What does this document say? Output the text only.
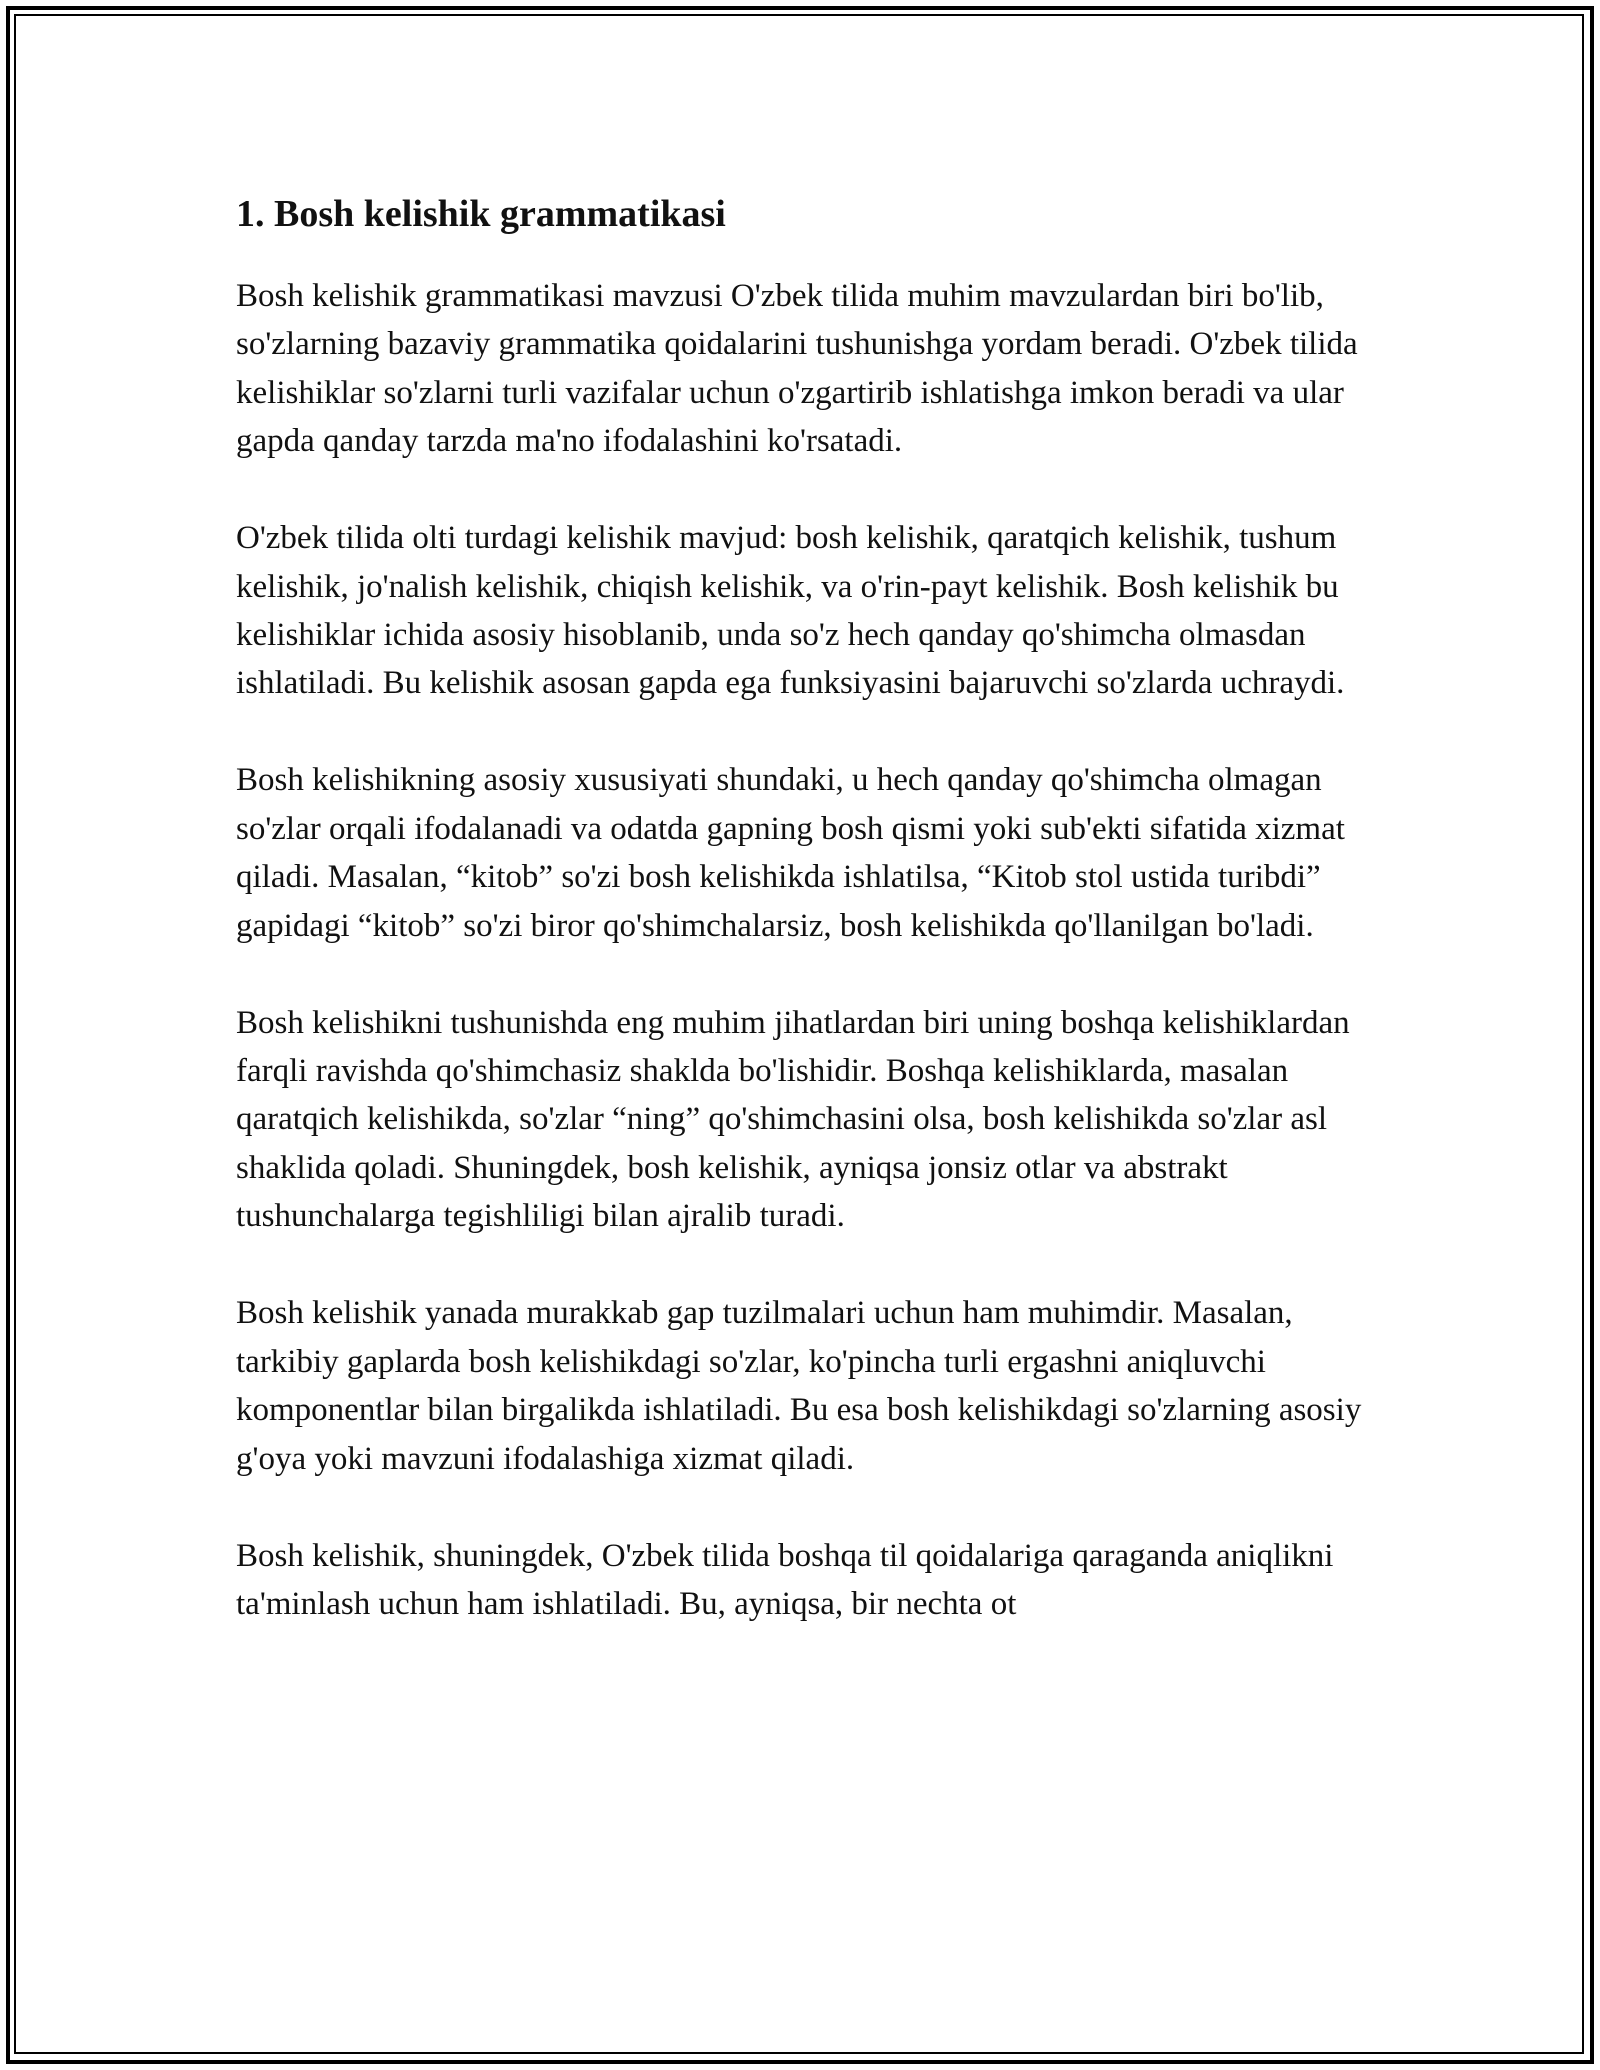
1. Bosh kelishik grammatikasi

Bosh kelishik grammatikasi mavzusi O'zbek tilida muhim mavzulardan biri bo'lib, so'zlarning bazaviy grammatika qoidalarini tushunishga yordam beradi. O'zbek tilida kelishiklar so'zlarni turli vazifalar uchun o'zgartirib ishlatishga imkon beradi va ular gapda qanday tarzda ma'no ifodalashini ko'rsatadi.

O'zbek tilida olti turdagi kelishik mavjud: bosh kelishik, qaratqich kelishik, tushum kelishik, jo'nalish kelishik, chiqish kelishik, va o'rin-payt kelishik. Bosh kelishik bu kelishiklar ichida asosiy hisoblanib, unda so'z hech qanday qo'shimcha olmasdan ishlatiladi. Bu kelishik asosan gapda ega funksiyasini bajaruvchi so'zlarda uchraydi.

Bosh kelishikning asosiy xususiyati shundaki, u hech qanday qo'shimcha olmagan so'zlar orqali ifodalanadi va odatda gapning bosh qismi yoki sub'ekti sifatida xizmat qiladi. Masalan, “kitob” so'zi bosh kelishikda ishlatilsa, “Kitob stol ustida turibdi” gapidagi “kitob” so'zi biror qo'shimchalarsiz, bosh kelishikda qo'llanilgan bo'ladi.

Bosh kelishikni tushunishda eng muhim jihatlardan biri uning boshqa kelishiklardan farqli ravishda qo'shimchasiz shaklda bo'lishidir. Boshqa kelishiklarda, masalan qaratqich kelishikda, so'zlar “ning” qo'shimchasini olsa, bosh kelishikda so'zlar asl shaklida qoladi. Shuningdek, bosh kelishik, ayniqsa jonsiz otlar va abstrakt tushunchalarga tegishliligi bilan ajralib turadi.

Bosh kelishik yanada murakkab gap tuzilmalari uchun ham muhimdir. Masalan, tarkibiy gaplarda bosh kelishikdagi so'zlar, ko'pincha turli ergashni aniqluvchi komponentlar bilan birgalikda ishlatiladi. Bu esa bosh kelishikdagi so'zlarning asosiy g'oya yoki mavzuni ifodalashiga xizmat qiladi.

Bosh kelishik, shuningdek, O'zbek tilida boshqa til qoidalariga qaraganda aniqlikni ta'minlash uchun ham ishlatiladi. Bu, ayniqsa, bir nechta ot
